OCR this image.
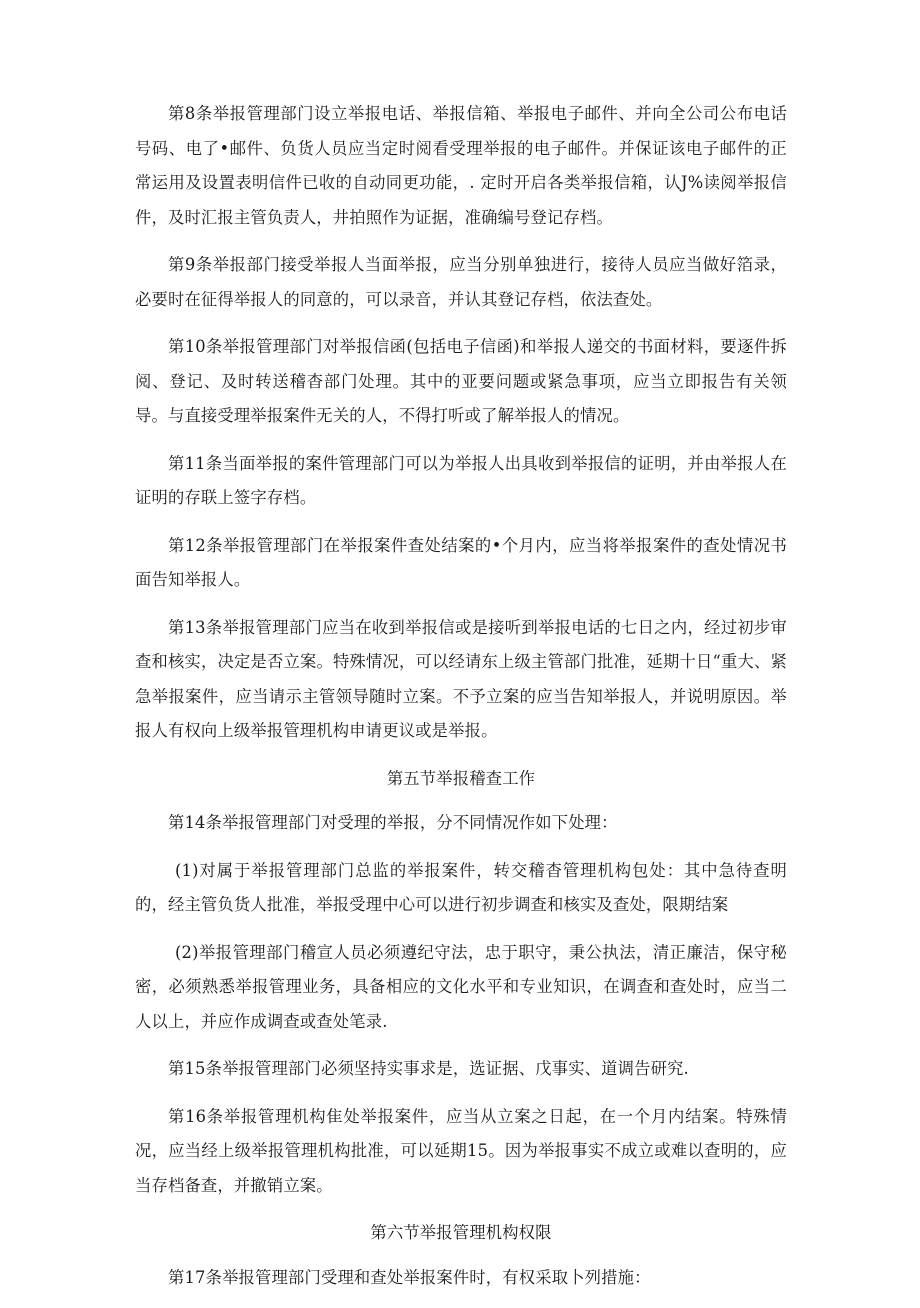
第8条举报管理部门设立举报电话、举报信箱、举报电子邮件、并向全公司公布电话号码、电了•邮件、负货人员应当定时阅看受理举报的电子邮件。并保证该电子邮件的正常运用及设置表明信件已收的自动同更功能，. 定时开启各类举报信箱，认J%读阅举报信件，及时汇报主管负责人，井拍照作为证据，准确编号登记存档。

第9条举报部门接受举报人当面举报，应当分别单独进行，接待人员应当做好箔录，必要时在征得举报人的同意的，可以录音，并认其登记存档，依法查处。

第10条举报管理部门对举报信函(包括电子信函)和举报人递交的书面材料，要逐件拆阅、登记、及时转送稽杳部门处理。其中的亚要问题或紧急事项，应当立即报告有关领导。与直接受理举报案件无关的人，不得打听或了解举报人的情况。

第11条当面举报的案件管理部门可以为举报人出具收到举报信的证明，并由举报人在证明的存联上签字存档。

第12条举报管理部门在举报案件查处结案的•个月内，应当将举报案件的查处情况书面告知举报人。

第13条举报管理部门应当在收到举报信或是接听到举报电话的七日之内，经过初步审查和核实，决定是否立案。特殊情况，可以经请东上级主管部门批准，延期十日“重大、紧急举报案件，应当请示主管领导随时立案。不予立案的应当告知举报人，并说明原因。举报人有权向上级举报管理机构申请更议或是举报。

第五节举报稽查工作

第14条举报管理部门对受理的举报，分不同情况作如下处理：

(1)对属于举报管理部门总监的举报案件，转交稽杳管理机构包处：其中急待查明的，经主管负货人批准，举报受理中心可以进行初步调查和核实及查处，限期结案

(2)举报管理部门稽宣人员必须遵纪守法，忠于职守，秉公执法，清正廉洁，保守秘密，必须熟悉举报管理业务，具备相应的文化水平和专业知识，在调查和查处时，应当二人以上，并应作成调查或查处笔录.

第15条举报管理部门必须坚持实事求是，选证据、戊事实、道调告研究.

第16条举报管理机构隹处举报案件，应当从立案之日起，在一个月内结案。特殊情况，应当经上级举报管理机构批准，可以延期15。因为举报事实不成立或难以查明的，应当存档备查，并撤销立案。

第六节举报管理机构权限

第17条举报管理部门受理和查处举报案件时，有权采取卜列措施：
